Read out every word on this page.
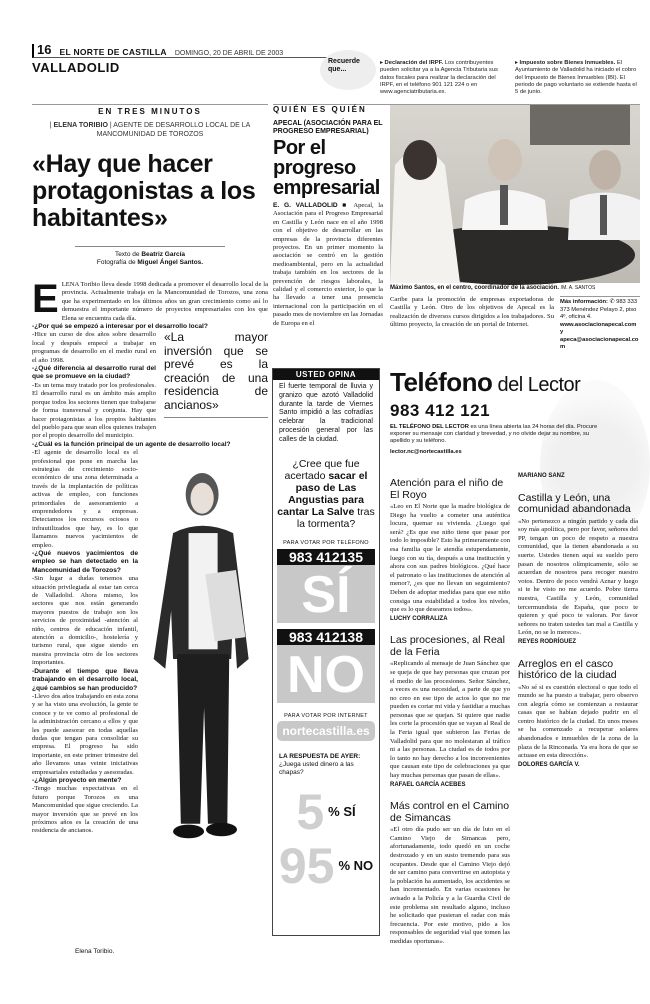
16 EL NORTE DE CASTILLA DOMINGO, 20 DE ABRIL DE 2003
VALLADOLID	Recuerde que...
▸ Declaración del IRPF. Los contribuyentes pueden solicitar ya a la Agencia Tributaria sus datos fiscales para realizar la declaración del IRPF, en el teléfono 901 121 224 o en www.agenciatributaria.es.
▸ Impuesto sobre Bienes Inmuebles. El Ayuntamiento de Valladolid ha iniciado el cobro del Impuesto de Bienes Inmuebles (IBI). El periodo de pago voluntario se extiende hasta el 5 de junio.
EN TRES MINUTOS
| ELENA TORIBIO | AGENTE DE DESARROLLO LOCAL DE LA MANCOMUNIDAD DE TOROZOS
«Hay que hacer protagonistas a los habitantes»
Texto de Beatriz García
Fotografía de Miguel Ángel Santos.
E LENA Toribio lleva desde 1998 dedicada a promover el desarrollo local de la provincia. Actualmente trabaja en la Mancomunidad de Torozos, una zona que ha experimentado en los últimos años un gran crecimiento como así lo demuestra el importante número de proyectos empresariales con los que Elena se encuentra cada día.

-¿Por qué se empezó a interesar por el desarrollo local?
«La mayor inversión que se prevé es la creación de una residencia de ancianos»

-Hice un curso de dos años sobre desarrollo local y después empecé a trabajar en programas de desarrollo en el medio rural en el año 1998.

-¿Qué diferencia al desarrollo rural del que se promueve en la ciudad?

-Es un tema muy tratado por los profesionales. El desarrollo rural es un ámbito más amplio porque todos los sectores tienen que trabajarse de forma transversal y conjunta. Hay que hacer protagonistas a los propios habitantes del pueblo para que sean ellos quienes trabajen por el propio desarrollo del municipio.

-¿Cuál es la función principal de un agente de desarrollo local?

-El agente de desarrollo local es el profesional que pone en marcha las estrategias de crecimiento socio-económico de una zona determinada a través de la implantación de políticas activas de empleo, con funciones primordiales de asesoramiento a emprendedores y a empresas. Detectamos los recursos ociosos o infrautilizados que hay, es lo que llamamos nuevos yacimientos de empleo.

-¿Qué nuevos yacimientos de empleo se han detectado en la Mancomunidad de Torozos?

-Sin lugar a dudas tenemos una situación privilegiada al estar tan cerca de Valladolid. Ahora mismo, los sectores que nos están generando mayores puestos de trabajo son los servicios de proximidad -atención al niño, centros de educación infantil, atención a domicilio-, hostelería y turismo rural, que sigue siendo en nuestra provincia otro de los sectores importantes.

-Durante el tiempo que lleva trabajando en el desarrollo local, ¿qué cambios se han producido?

-Llevo dos años trabajando en esta zona y se ha visto una evolución, la gente te conoce y te ve como al profesional de la administración cercano a ellos y que les puede asesorar en todas aquellas dudas que tengan para consolidar su empresa. El progreso ha sido importante, en este primer trimestre del año llevamos unas veinte iniciativas empresariales estudiadas y asesoradas.

-¿Algún proyecto en mente?

-Tengo muchas expectativas en el futuro porque Torozos es una Mancomunidad que sigue creciendo. La mayor inversión que se prevé en los próximos años es la creación de una residencia de ancianos.

Elena Toribio.
QUIÉN ES QUIÉN
APECAL (ASOCIACIÓN PARA EL PROGRESO EMPRESARIAL)
Por el progreso empresarial
E. G. VALLADOLID ■ Apecal, la Asociación para el Progreso Empresarial en Castilla y León nace en el año 1998 con el objetivo de desarrollar en las empresas de la provincia diferentes proyectos. En un primer momento la asociación se centró en la gestión medioambiental, pero en la actualidad trabaja también en los sectores de la prevención de riesgos laborales, la calidad y el comercio exterior, lo que la ha llevado a tener una presencia internacional con la participación en el pasado mes de noviembre en las Jornadas de Europa en el
Máximo Santos, en el centro, coordinador de la asociación. /M. A. SANTOS
Caribe para la promoción de empresas exportadoras de Castilla y León. Otro de los objetivos de Apecal es la realización de diversos cursos dirigidos a los trabajadores. Su último proyecto, la creación de un portal de Internet.
Más información: ✆ 983 333 373 Menéndez Pelayo 2, piso 4º, oficina 4.
www.asociacionapecal.com y
apeca@asociacionapecal.com
USTED OPINA
El fuerte temporal de lluvia y granizo que azotó Valladolid durante la tarde de Viernes Santo impidió a las cofradías celebrar la tradicional procesión general por las calles de la ciudad.
¿Cree que fue acertado sacar el paso de Las Angustias para cantar La Salve tras la tormenta?
PARA VOTAR POR TELÉFONO
983 412135
SÍ
983 412138
NO
PARA VOTAR POR INTERNET
nortecastilla.es
LA RESPUESTA DE AYER:
¿Juega usted dinero a las chapas?
5 % SÍ
95 % NO
Teléfono del Lector
983 412 121
EL TELÉFONO DEL LECTOR es una línea abierta las 24 horas del día. Procure exponer su mensaje con claridad y brevedad, y no olvide dejar su nombre, su apellido y su teléfono.
lector.nc@nortecastilla.es
Atención para el niño de El Royo

«Leo en El Norte que la madre biológica de Diego ha vuelto a cometer una auténtica locura, quemar su vivienda. ¿Luego qué será? ¿Es que ese niño tiene que pasar por todo lo imposible? Esto ha primeramente con esa familia que le atendía estupendamente, luego con su tía, después a una institución y ahora con sus padres biológicos. ¿Qué hace el patronato o las instituciones de atención al menor?, ¿es que no llevan un seguimiento? Deben de adoptar medidas para que ese niño consiga una estabilidad a todos los niveles, que es lo que deseamos todos».

LUCHY CORRALIZA
Las procesiones, al Real de la Feria

«Replicando al mensaje de Juan Sánchez que se queja de que hay personas que cruzan por el medio de las procesiones. Señor Sánchez, a veces es una necesidad, a parte de que yo no creo en ese tipo de actos lo que no me pueden es cortar mi vida y fastidiar a muchas personas que se quejan. Si quiere que nadie les corte la procesión que se vayan al Real de la Feria igual que subieron las Ferias de Valladolid para que no molestaran al tráfico ni a las personas. La ciudad es de todos por lo tanto no hay derecho a los inconvenientes que causan este tipo de celebraciones ya que hay muchas personas que pasan de ellas».

RAFAEL GARCÍA ACEBES
Más control en el Camino de Simancas

«El otro día pudo ser un día de luto en el Camino Viejo de Simancas pero, afortunadamente, todo quedó en un coche destrozado y en un susto tremendo para sus ocupantes. Desde que el Camino Viejo dejó de ser camino para convertirse en autopista y la población ha aumentado, los accidentes se han incrementado. En varias ocasiones he avisado a la Policía y a la Guardia Civil de este problema sin resultado alguno, incluso he solicitado que pusieran el radar con más frecuencia. Por este motivo, pido a los responsables de seguridad vial que tomen las medidas oportunas».

MARIANO SANZ
Castilla y León, una comunidad abandonada

«No pertenezco a ningún partido y cada día soy más apolítica, pero por favor, señores del PP, tengan un poco de respeto a nuestra comunidad, que la tienen abandonada a su suerte. Ustedes tienen aquí su sueldo pero pasan de nosotros olímpicamente, sólo se acuerdan de nosotros para recoger nuestro votos. Dentro de poco vendrá Aznar y luego si te he visto no me acuerdo. Pobre tierra nuestra, Castilla y León, comunidad tercermundista de España, que poco te quieren y qué poco te valoran. Por favor señores no traten ustedes tan mal a Castilla y León, no se lo merece».

REYES RODRÍGUEZ
Arreglos en el casco histórico de la ciudad

«No sé si es cuestión electoral o que todo el mundo se ha puesto a trabajar, pero observo con alegría cómo se comienzan a restaurar casas que se habían dejado pudrir en el centro histórico de la ciudad. En unos meses se ha comenzado a recuperar solares abandonados e inmuebles de la zona de la plaza de la Rinconada. Ya era hora de que se actuase en esta dirección».

DOLORES GARCÍA V.
